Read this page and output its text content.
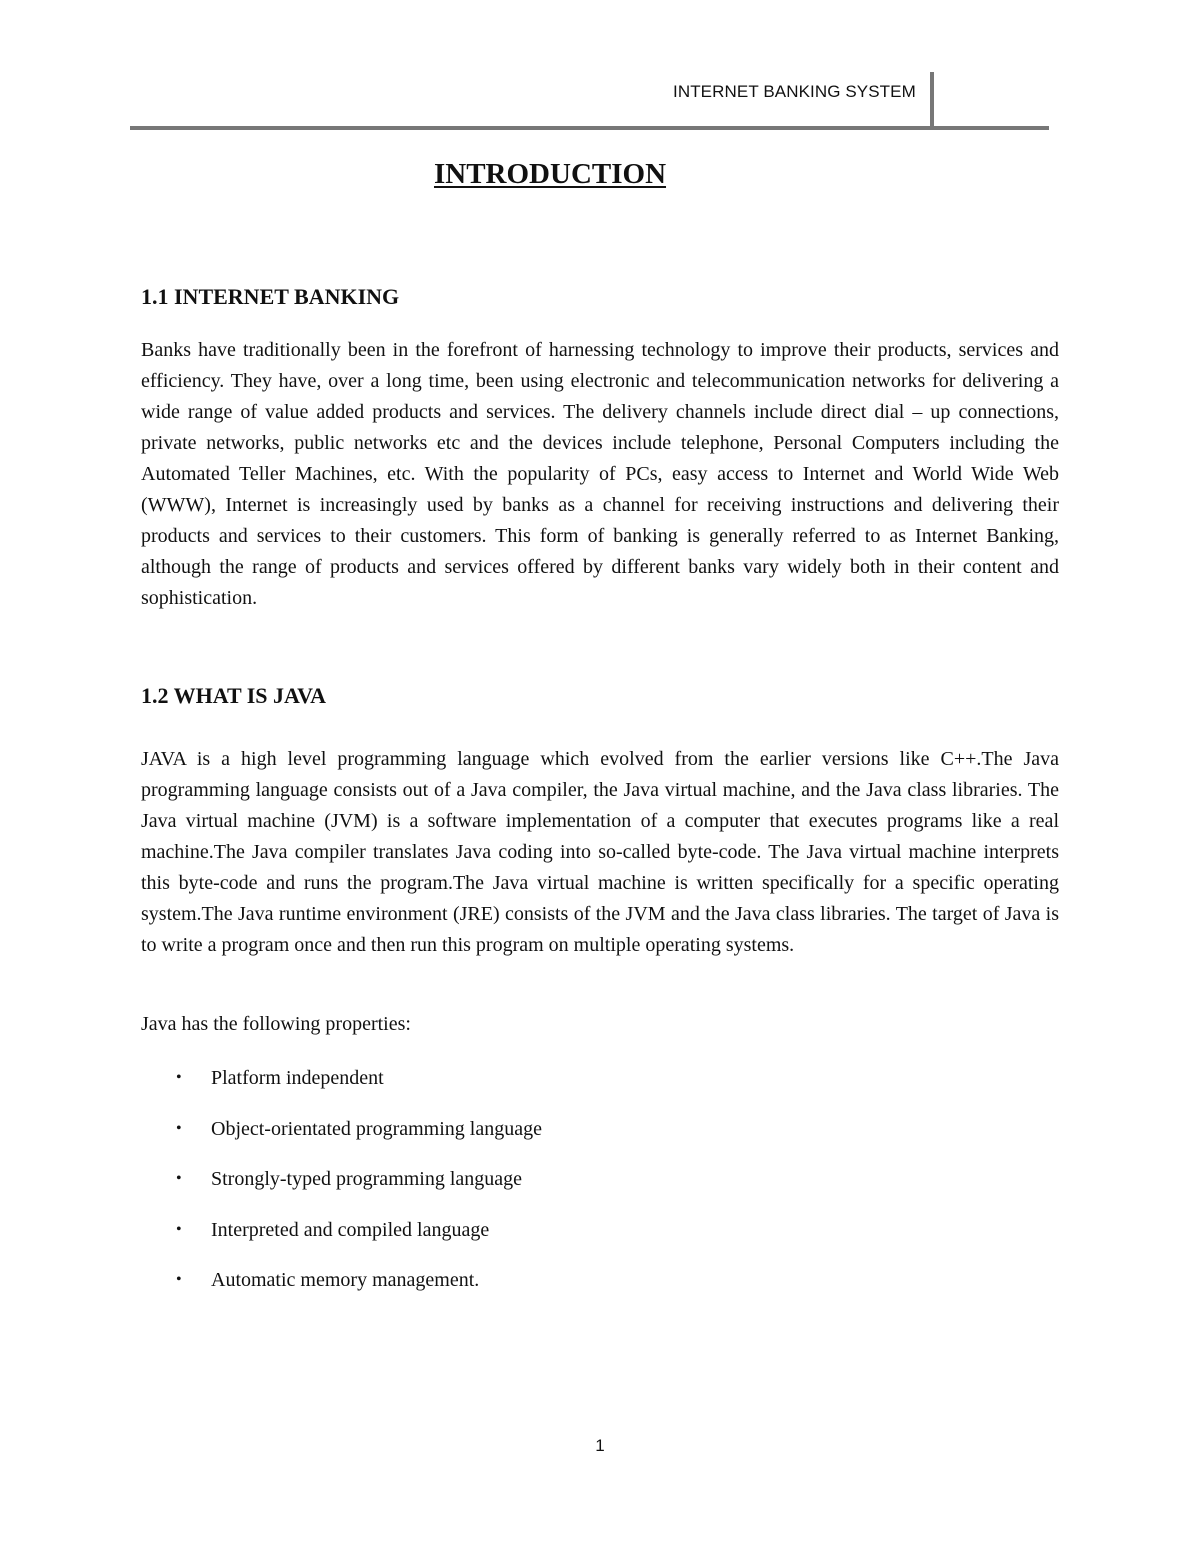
INTERNET BANKING SYSTEM
INTRODUCTION
1.1 INTERNET BANKING

Banks have traditionally been in the forefront of harnessing technology to improve their products, services and efficiency. They have, over a long time, been using electronic and telecommunication networks for delivering a wide range of value added products and services. The delivery channels include direct dial – up connections, private networks, public networks etc and the devices include telephone, Personal Computers including the Automated Teller Machines, etc. With the popularity of PCs, easy access to Internet and World Wide Web (WWW), Internet is increasingly used by banks as a channel for receiving instructions and delivering their products and services to their customers. This form of banking is generally referred to as Internet Banking, although the range of products and services offered by different banks vary widely both in their content and sophistication.

1.2 WHAT IS JAVA

JAVA is a high level programming language which evolved from the earlier versions like C++.The Java programming language consists out of a Java compiler, the Java virtual machine, and the Java class libraries. The Java virtual machine (JVM) is a software implementation of a computer that executes programs like a real machine.The Java compiler translates Java coding into so-called byte-code. The Java virtual machine interprets this byte-code and runs the program.The Java virtual machine is written specifically for a specific operating system.The Java runtime environment (JRE) consists of the JVM and the Java class libraries. The target of Java is to write a program once and then run this program on multiple operating systems.

Java has the following properties:

• Platform independent
• Object-orientated programming language
• Strongly-typed programming language
• Interpreted and compiled language
• Automatic memory management.

1
